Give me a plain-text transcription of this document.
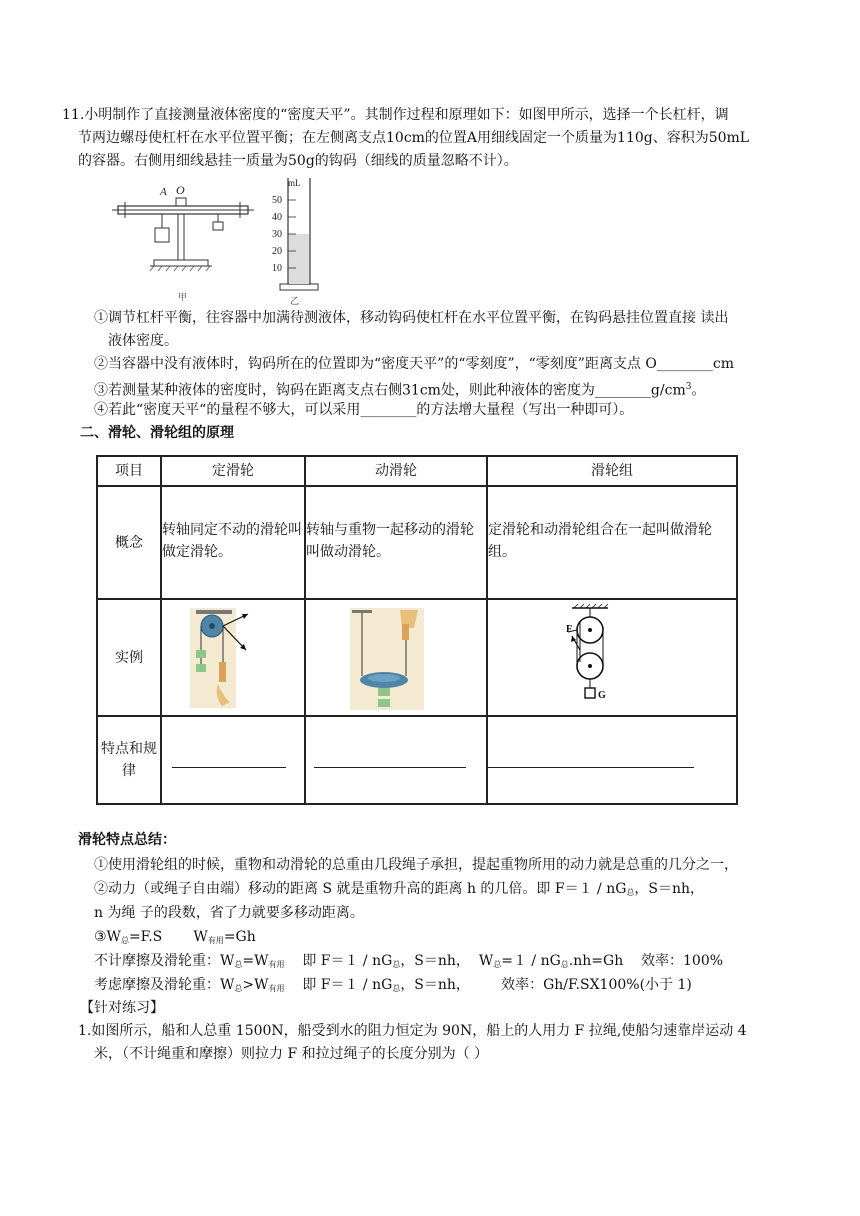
11.小明制作了直接测量液体密度的“密度天平”。其制作过程和原理如下：如图甲所示，选择一个长杠杆，调
节两边螺母使杠杆在水平位置平衡；在左侧离支点10cm的位置A用细线固定一个质量为110g、容积为50mL
的容器。右侧用细线悬挂一质量为50g的钩码（细线的质量忽略不计）。
A O
甲
mL
50
40
30
20
10
乙
①调节杠杆平衡，往容器中加满待测液体，移动钩码使杠杆在水平位置平衡，在钩码悬挂位置直接 读出
液体密度。
②当容器中没有液体时，钩码所在的位置即为“密度天平”的“零刻度”，“零刻度”距离支点 O________cm
③若测量某种液体的密度时，钩码在距离支点右侧31cm处，则此种液体的密度为$\_\_\_\_\_\_\_\_g/cm^3$。
④若此“密度天平“的量程不够大，可以采用________的方法增大量程（写出一种即可）。
二、滑轮、滑轮组的原理
项目	定滑轮	动滑轮	滑轮组
概念	转轴同定不动的滑轮叫做定滑轮。	转轴与重物一起移动的滑轮叫做动滑轮。	定滑轮和动滑轮组合在一起叫做滑轮组。
实例			F
G

特点和规
律			

滑轮特点总结：
①使用滑轮组的时候，重物和动滑轮的总重由几段绳子承担，提起重物所用的动力就是总重的几分之一，
②动力（或绳子自由端）移动的距离 S 就是重物升高的距离 h 的几倍。即 $F=1 / nG_总$，S＝nh，
n 为绳 子的段数，省了力就要多移动距离。
$③W_总=F.S$       $W_{有用}=Gh$
不计摩擦及滑轮重：$W_总=W_{有用}$    即 $F=1 / nG_总$，S＝nh，  $W_总=1 / nG_总.nh=Gh$    效率：100%
考虑摩擦及滑轮重：$W_总>W_{有用}$    即 $F=1 / nG_总$，S＝nh，       效率：Gh/F.SX100%(小于 1)
【针对练习】
1.如图所示，船和人总重 1500N，船受到水的阻力恒定为 90N，船上的人用力 F 拉绳,使船匀速靠岸运动 4
米，（不计绳重和摩擦）则拉力 F 和拉过绳子的长度分别为（ ）
